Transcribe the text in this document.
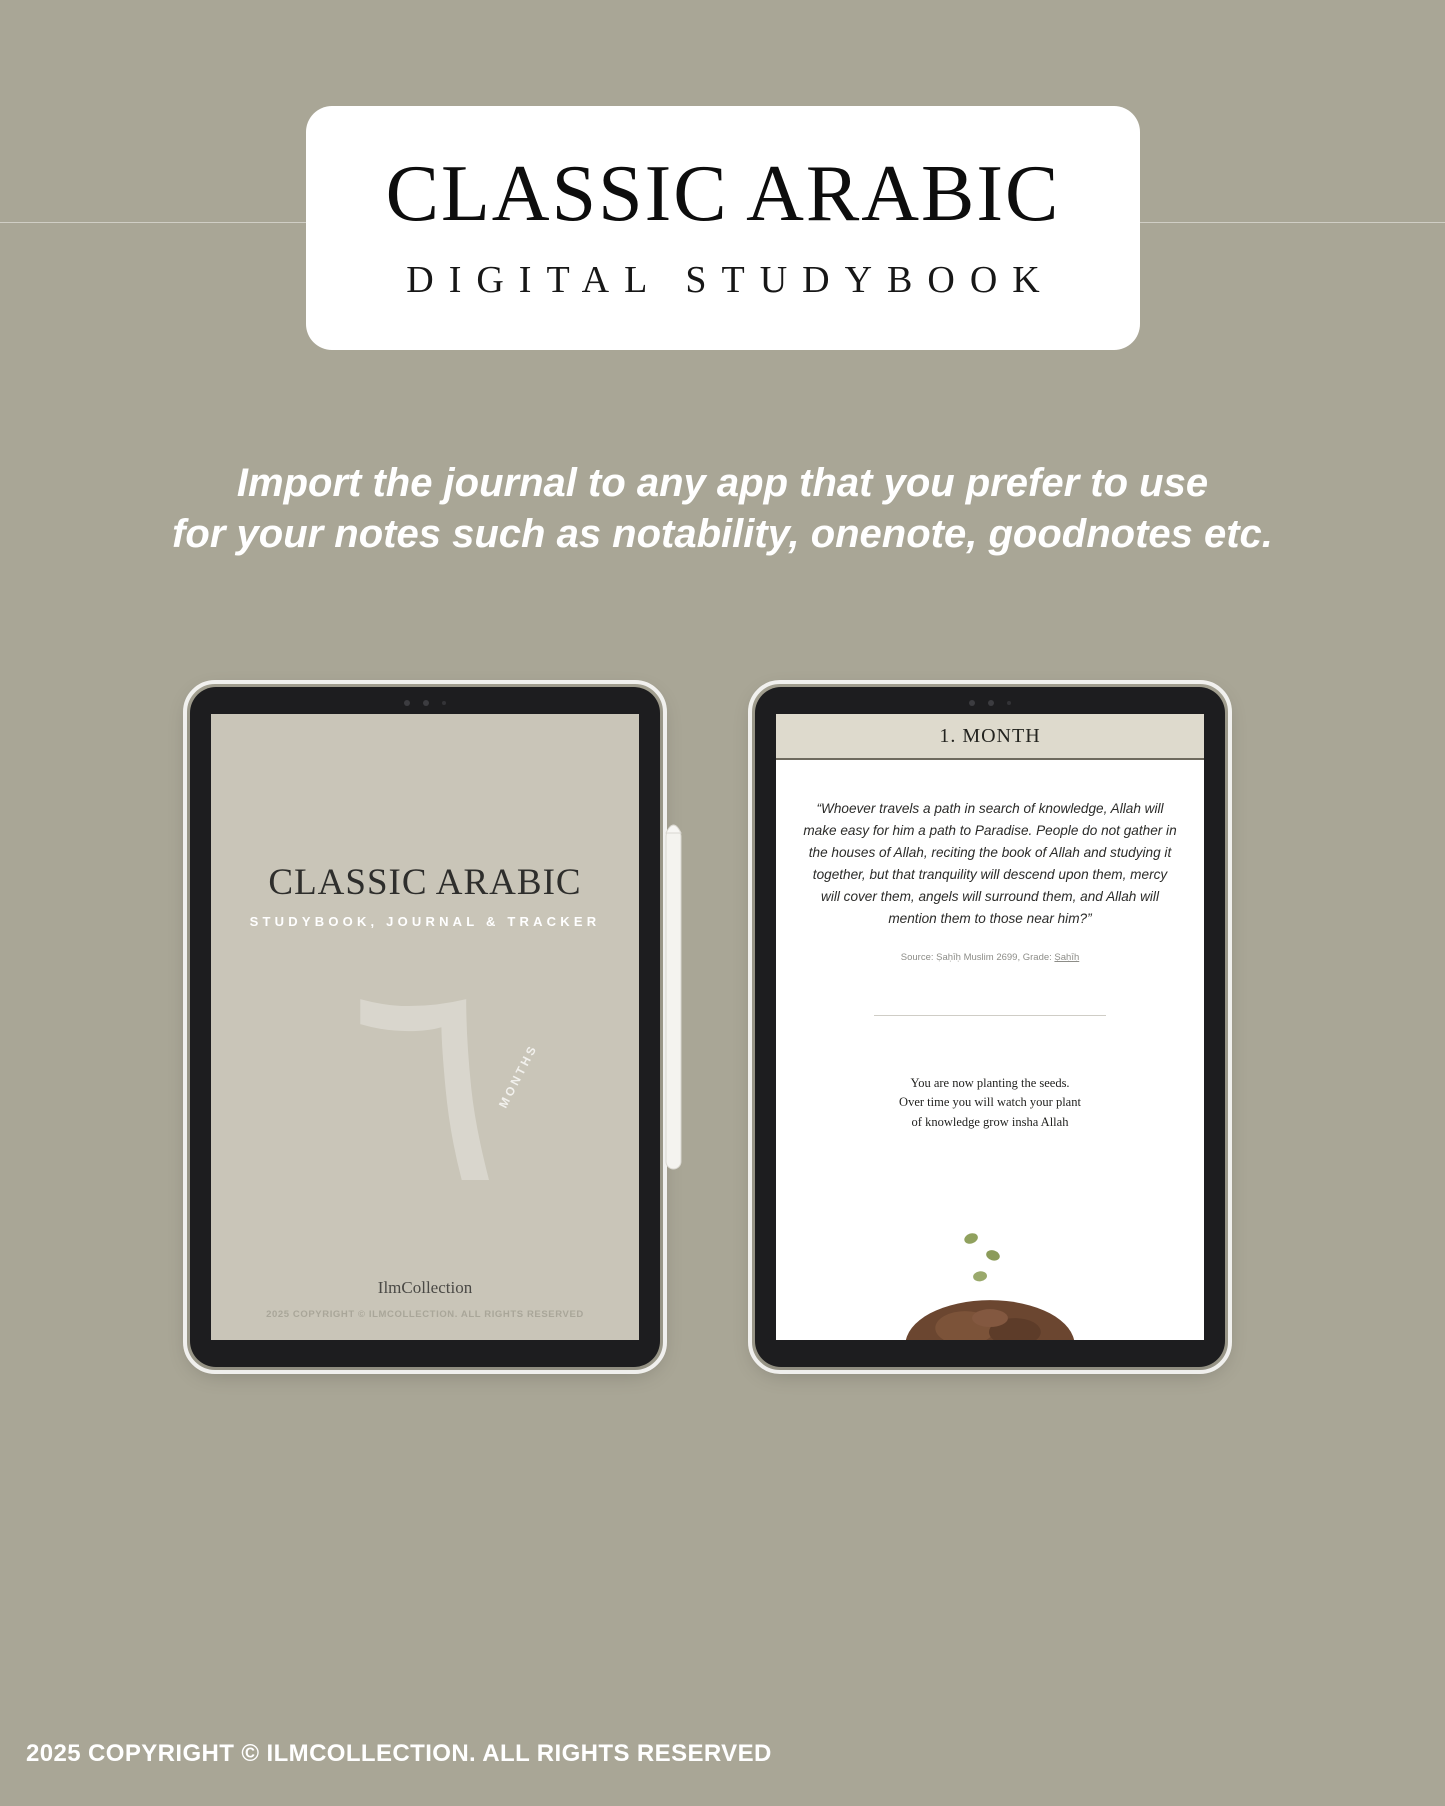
CLASSIC ARABIC
DIGITAL STUDYBOOK
Import the journal to any app that you prefer to use
for your notes such as notability, onenote, goodnotes etc.
٦
MONTHS
CLASSIC ARABIC
STUDYBOOK, JOURNAL & TRACKER
IlmCollection
2025 COPYRIGHT © ILMCOLLECTION. ALL RIGHTS RESERVED
1. MONTH
“Whoever travels a path in search of knowledge, Allah will make easy for him a path to Paradise. People do not gather in the houses of Allah, reciting the book of Allah and studying it together, but that tranquility will descend upon them, mercy will cover them, angels will surround them, and Allah will mention them to those near him?”
Source: Ṣaḥīḥ Muslim 2699, Grade: Ṣaḥīḥ
You are now planting the seeds.
Over time you will watch your plant
of knowledge grow insha Allah
2025 COPYRIGHT © ILMCOLLECTION. ALL RIGHTS RESERVED
